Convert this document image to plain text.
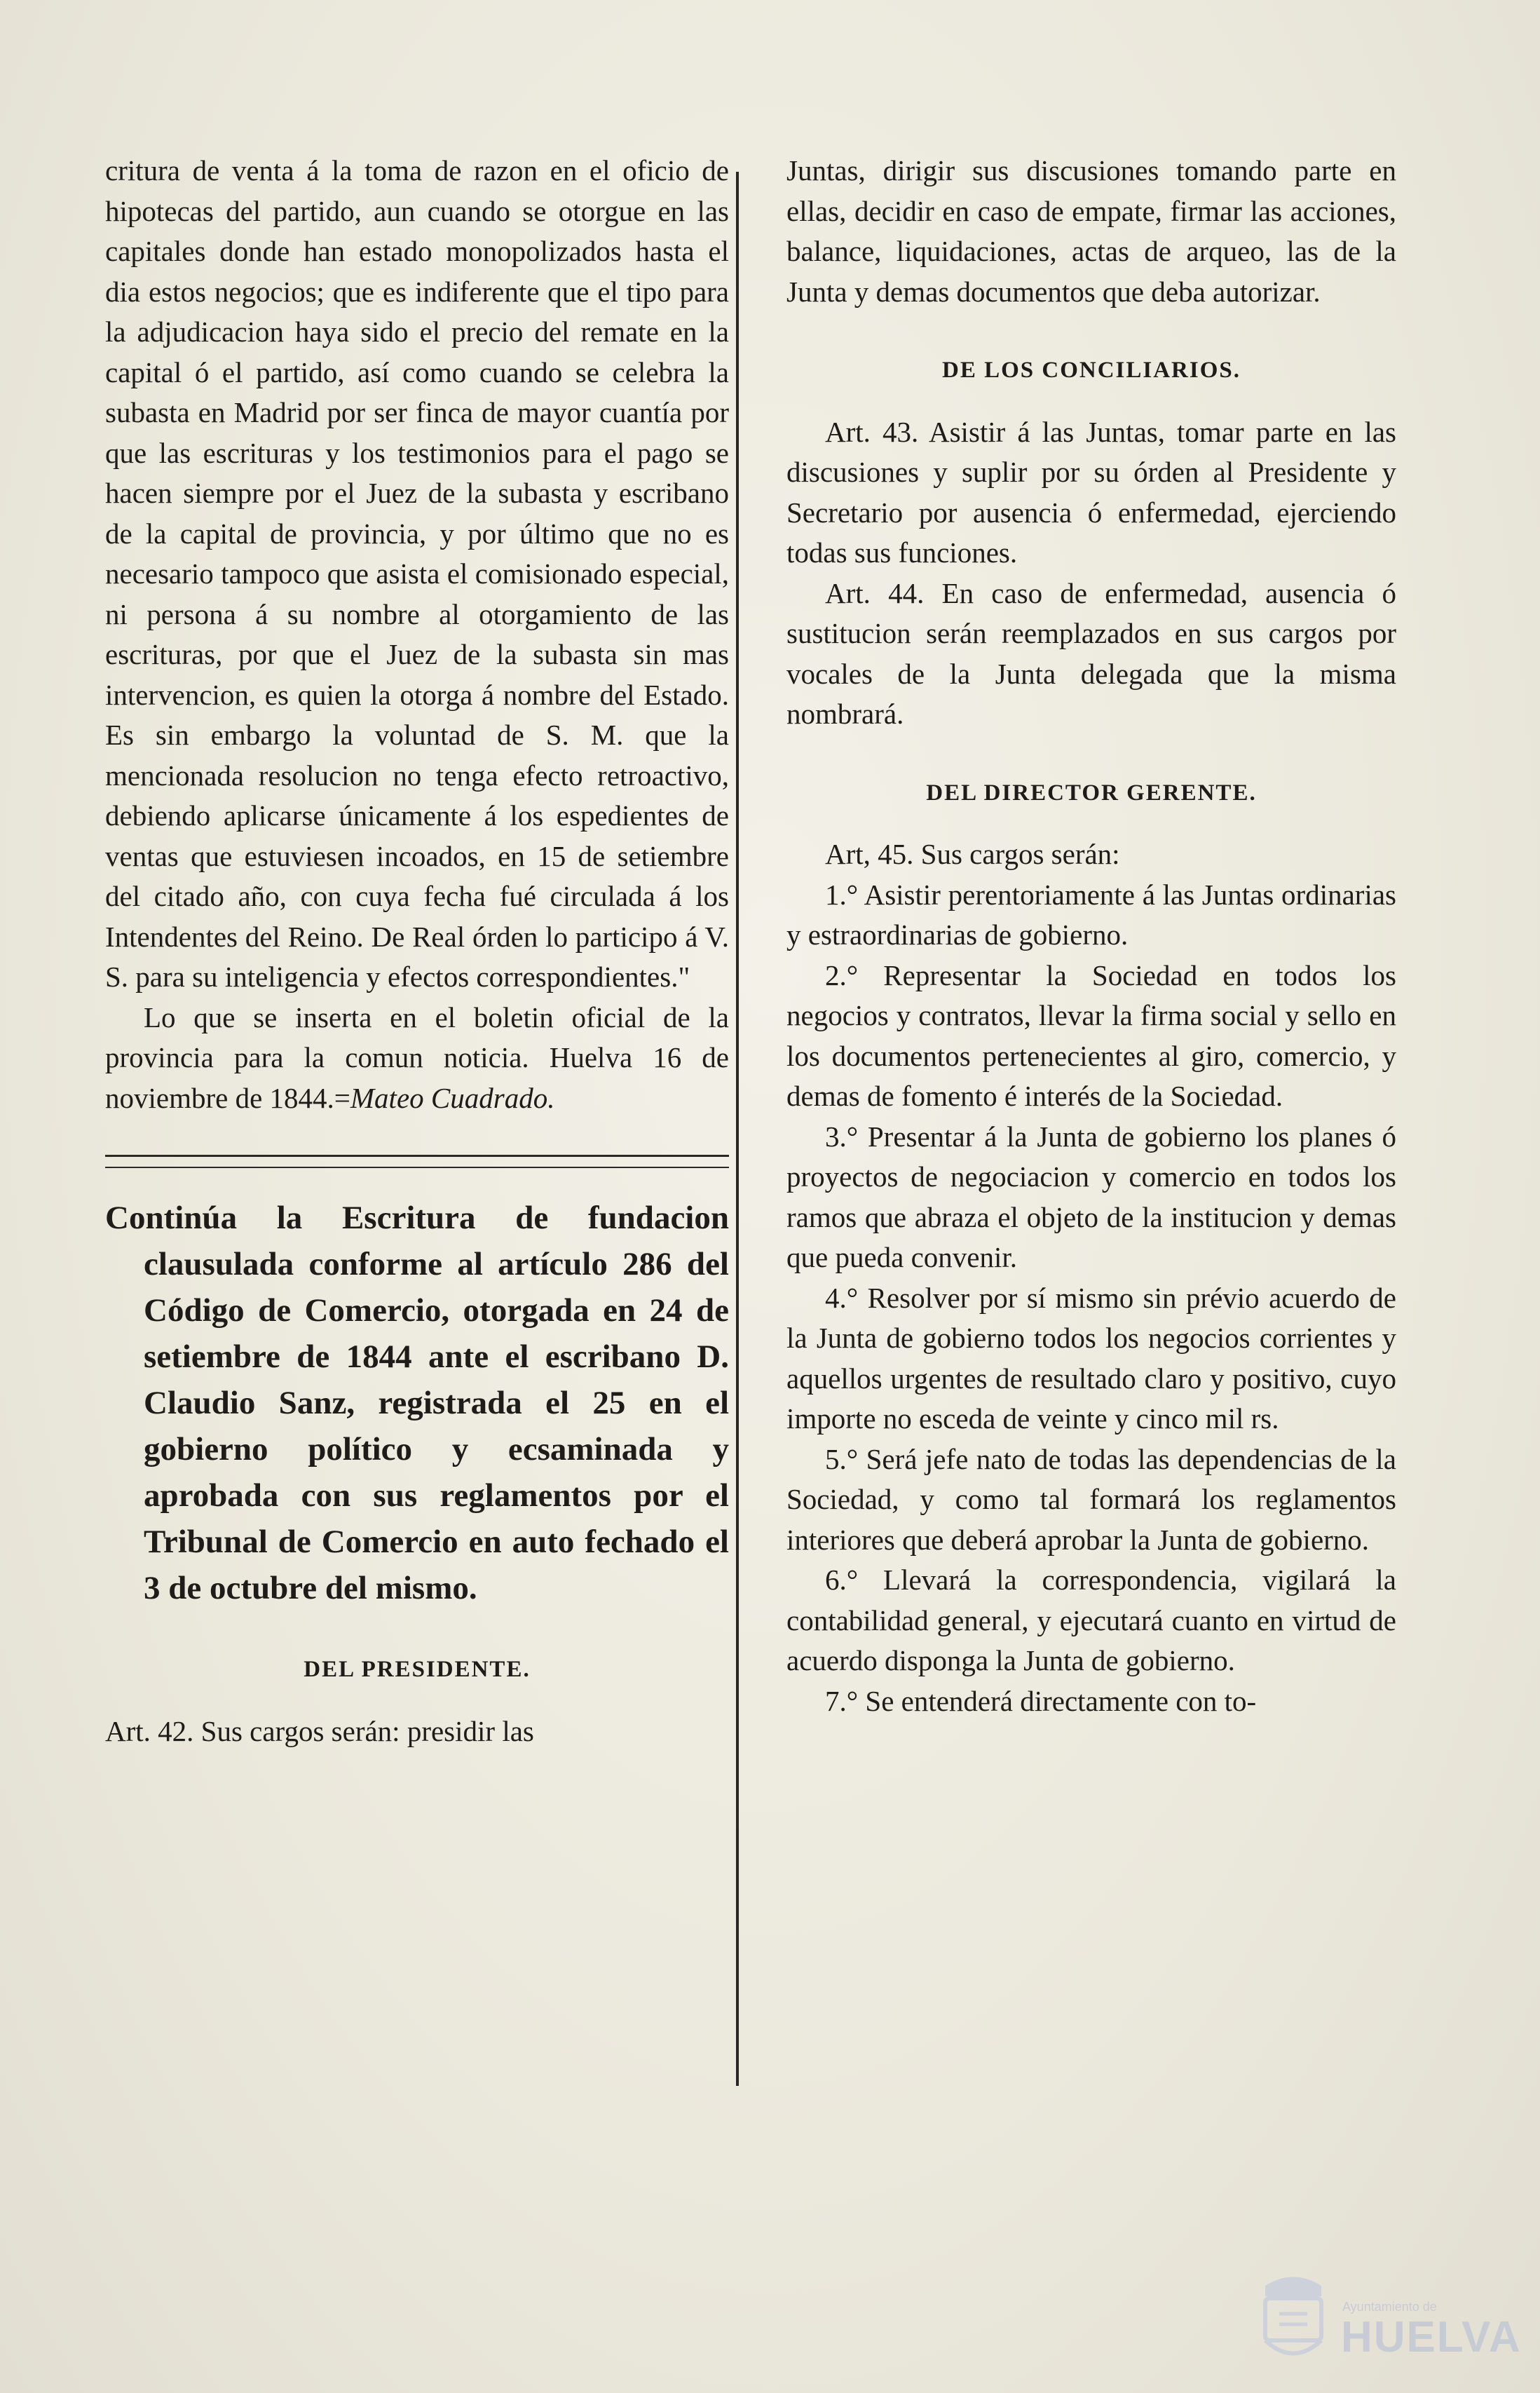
critura de venta á la toma de razon en el oficio de hipotecas del partido, aun cuando se otorgue en las capitales donde han estado monopolizados hasta el dia estos negocios; que es indiferente que el tipo para la adjudicacion haya sido el precio del remate en la capital ó el partido, así como cuando se celebra la subasta en Madrid por ser finca de mayor cuantía por que las escrituras y los testimonios para el pago se hacen siempre por el Juez de la subasta y escribano de la capital de provincia, y por último que no es necesario tampoco que asista el comisionado especial, ni persona á su nombre al otorgamiento de las escrituras, por que el Juez de la subasta sin mas intervencion, es quien la otorga á nombre del Estado. Es sin embargo la voluntad de S. M. que la mencionada resolucion no tenga efecto retroactivo, debiendo aplicarse únicamente á los espedientes de ventas que estuviesen incoados, en 15 de setiembre del citado año, con cuya fecha fué circulada á los Intendentes del Reino. De Real órden lo participo á V. S. para su inteligencia y efectos correspondientes."

Lo que se inserta en el boletin oficial de la provincia para la comun noticia. Huelva 16 de noviembre de 1844.=Mateo Cuadrado.

Continúa la Escritura de fundacion clausulada conforme al artículo 286 del Código de Comercio, otorgada en 24 de setiembre de 1844 ante el escribano D. Claudio Sanz, registrada el 25 en el gobierno político y ecsaminada y aprobada con sus reglamentos por el Tribunal de Comercio en auto fechado el 3 de octubre del mismo.

DEL PRESIDENTE.

Art. 42. Sus cargos serán: presidir las

Juntas, dirigir sus discusiones tomando parte en ellas, decidir en caso de empate, firmar las acciones, balance, liquidaciones, actas de arqueo, las de la Junta y demas documentos que deba autorizar.

DE LOS CONCILIARIOS.

Art. 43. Asistir á las Juntas, tomar parte en las discusiones y suplir por su órden al Presidente y Secretario por ausencia ó enfermedad, ejerciendo todas sus funciones.

Art. 44. En caso de enfermedad, ausencia ó sustitucion serán reemplazados en sus cargos por vocales de la Junta delegada que la misma nombrará.

DEL DIRECTOR GERENTE.

Art, 45. Sus cargos serán:

1.° Asistir perentoriamente á las Juntas ordinarias y estraordinarias de gobierno.

2.° Representar la Sociedad en todos los negocios y contratos, llevar la firma social y sello en los documentos pertenecientes al giro, comercio, y demas de fomento é interés de la Sociedad.

3.° Presentar á la Junta de gobierno los planes ó proyectos de negociacion y comercio en todos los ramos que abraza el objeto de la institucion y demas que pueda convenir.

4.° Resolver por sí mismo sin prévio acuerdo de la Junta de gobierno todos los negocios corrientes y aquellos urgentes de resultado claro y positivo, cuyo importe no esceda de veinte y cinco mil rs.

5.° Será jefe nato de todas las dependencias de la Sociedad, y como tal formará los reglamentos interiores que deberá aprobar la Junta de gobierno.

6.° Llevará la correspondencia, vigilará la contabilidad general, y ejecutará cuanto en virtud de acuerdo disponga la Junta de gobierno.

7.° Se entenderá directamente con to-

Ayuntamiento de
HUELVA
